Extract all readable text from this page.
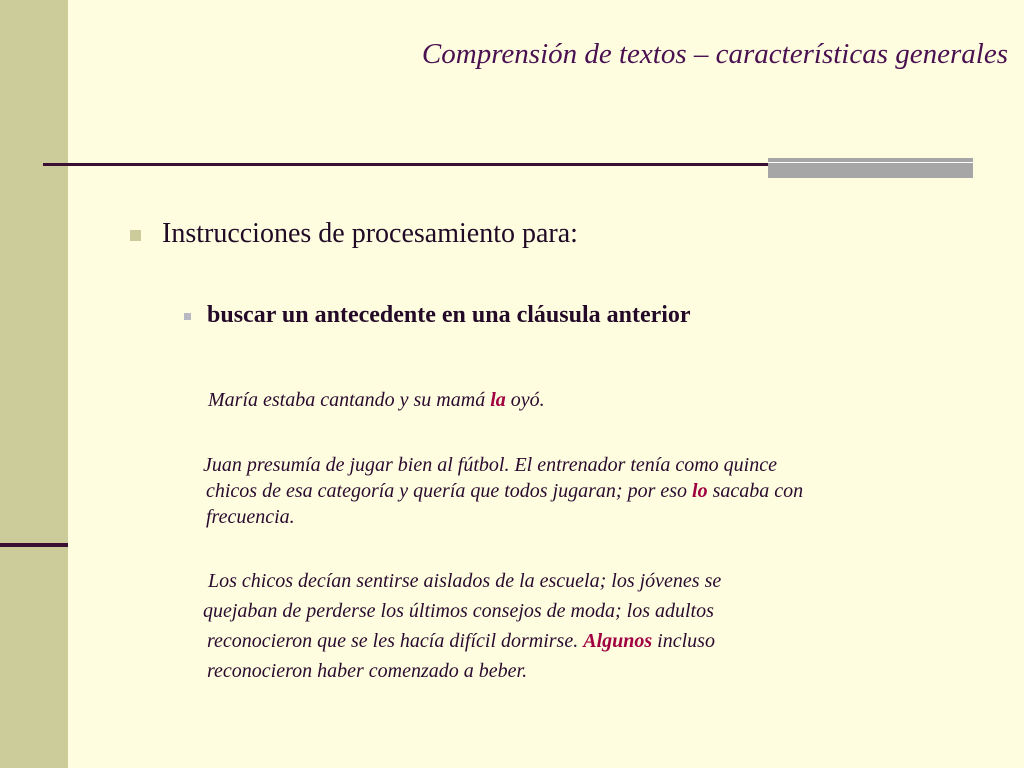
Comprensión de textos – características generales
Instrucciones de procesamiento para:
buscar un antecedente en una cláusula anterior

María estaba cantando y su mamá la oyó.

Juan presumía de jugar bien al fútbol. El entrenador tenía como quince
chicos de esa categoría y quería que todos jugaran; por eso lo sacaba con
frecuencia.

Los chicos decían sentirse aislados de la escuela; los jóvenes se
quejaban de perderse los últimos consejos de moda; los adultos
reconocieron que se les hacía difícil dormirse. Algunos incluso
reconocieron haber comenzado a beber.
